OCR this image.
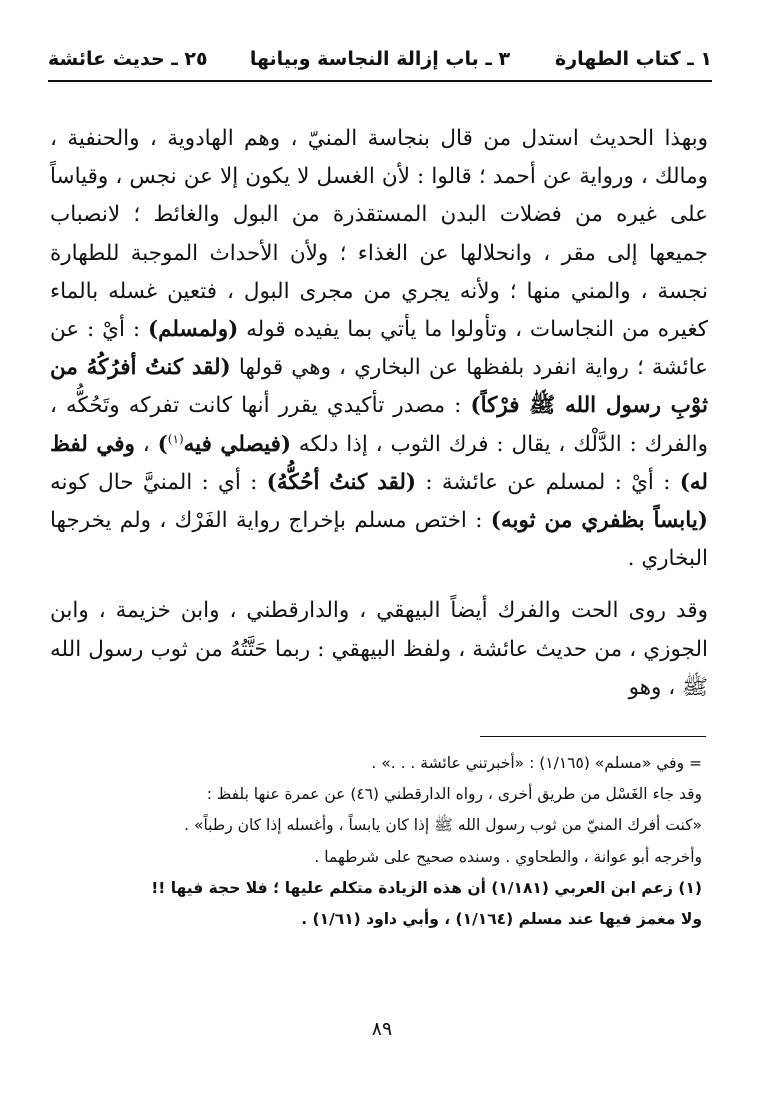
١ ـ كتاب الطهارة
٣ ـ باب إزالة النجاسة وبيانها
٢٥ ـ حديث عائشة

وبهذا الحديث استدل من قال بنجاسة المنيّ ، وهم الهادوية ، والحنفية ، ومالك ، ورواية عن أحمد ؛ قالوا : لأن الغسل لا يكون إلا عن نجس ، وقياساً على غيره من فضلات البدن المستقذرة من البول والغائط ؛ لانصباب جميعها إلى مقر ، وانحلالها عن الغذاء ؛ ولأن الأحداث الموجبة للطهارة نجسة ، والمني منها ؛ ولأنه يجري من مجرى البول ، فتعين غسله بالماء كغيره من النجاسات ، وتأولوا ما يأتي بما يفيده قوله (ولمسلم) : أيْ : عن عائشة ؛ رواية انفرد بلفظها عن البخاري ، وهي قولها (لقد كنتُ أفرُكُهُ من ثوْبِ رسول الله ﷺ فرْكاً) : مصدر تأكيدي يقرر أنها كانت تفركه وتَحُكُّه ، والفرك : الدَّلْك ، يقال : فرك الثوب ، إذا دلكه (فيصلي فيه$^{(١)}$) ، وفي لفظ له) : أيْ : لمسلم عن عائشة : (لقد كنتُ أحُكُّهُ) : أي : المنيَّ حال كونه (يابساً بظفري من ثوبه) : اختص مسلم بإخراج رواية الفَرْك ، ولم يخرجها البخاري .

وقد روى الحت والفرك أيضاً البيهقي ، والدارقطني ، وابن خزيمة ، وابن الجوزي ، من حديث عائشة ، ولفظ البيهقي : ربما حَتَّتُهُ من ثوب رسول الله ﷺ ، وهو

= وفي «مسلم» (١/١٦٥) : «أخبرتني عائشة . . .» .
وقد جاء الغَسْل من طريق أخرى ، رواه الدارقطني (٤٦) عن عمرة عنها بلفظ :
«كنت أفرك المنيّ من ثوب رسول الله ﷺ إذا كان يابساً ، وأغسله إذا كان رطباً» .
وأخرجه أبو عوانة ، والطحاوي . وسنده صحيح على شرطهما .
(١) زعم ابن العربي (١/١٨١) أن هذه الزيادة متكلم عليها ؛ فلا حجة فيها !!
ولا مغمز فيها عند مسلم (١/١٦٤) ، وأبي داود (١/٦١) .
٨٩
